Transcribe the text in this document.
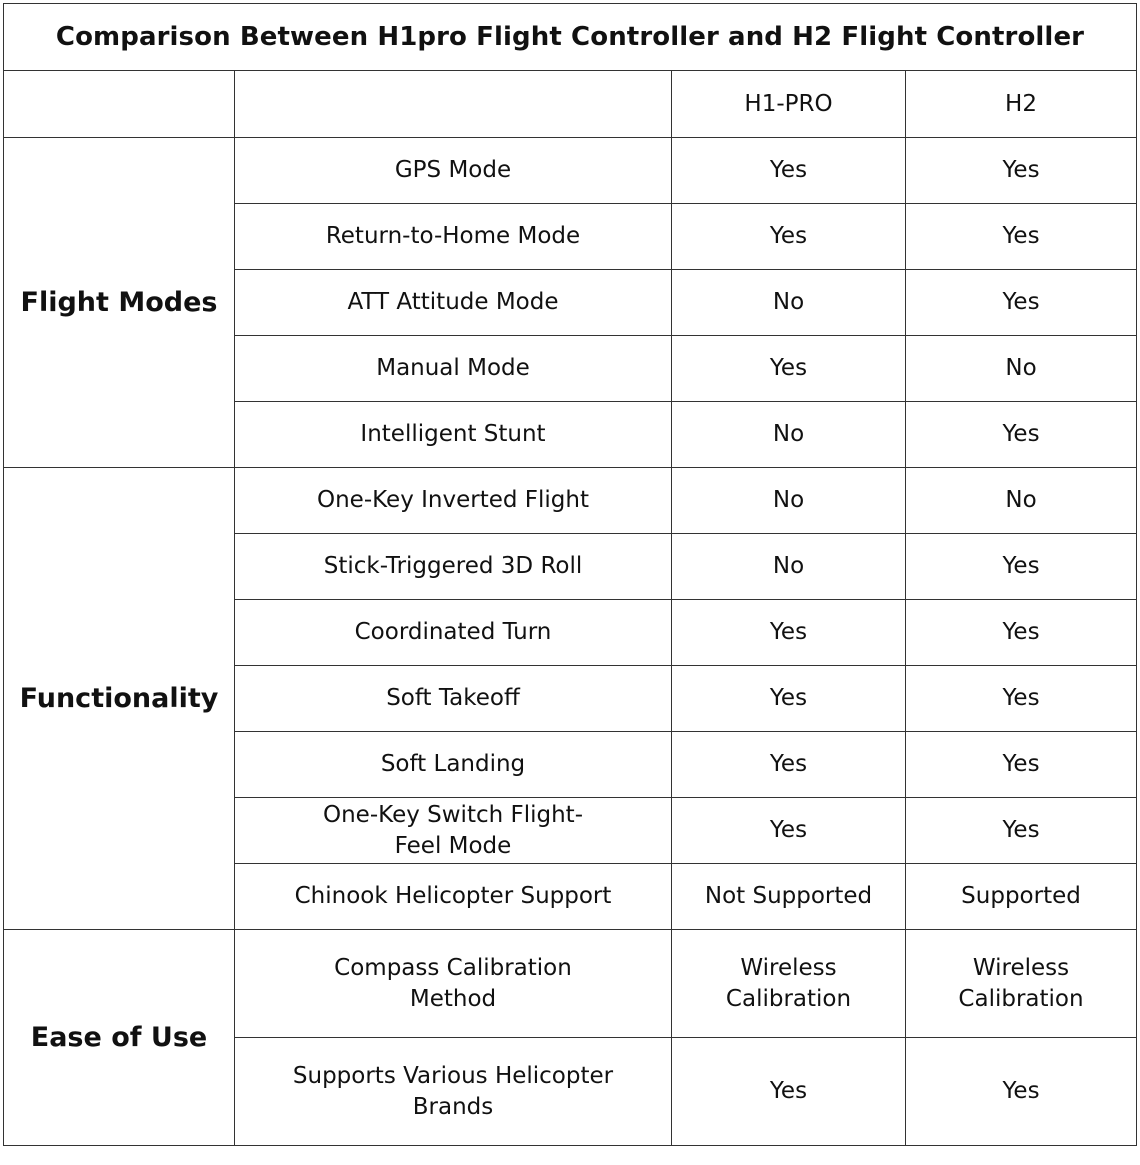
Comparison Between H1pro Flight Controller and H2 Flight Controller			
		H1-PRO	H2
Flight Modes	GPS Mode	Yes	Yes
	Return-to-Home Mode	Yes	Yes
	ATT Attitude Mode	No	Yes
	Manual Mode	Yes	No
	Intelligent Stunt	No	Yes
Functionality	One-Key Inverted Flight	No	No
	Stick-Triggered 3D Roll	No	Yes
	Coordinated Turn	Yes	Yes
	Soft Takeoff	Yes	Yes
	Soft Landing	Yes	Yes
	One-Key Switch Flight-Feel Mode	Yes	Yes
	Chinook Helicopter Support	Not Supported	Supported
Ease of Use	Compass Calibration Method	Wireless Calibration	Wireless Calibration
	Supports Various Helicopter Brands	Yes	Yes
